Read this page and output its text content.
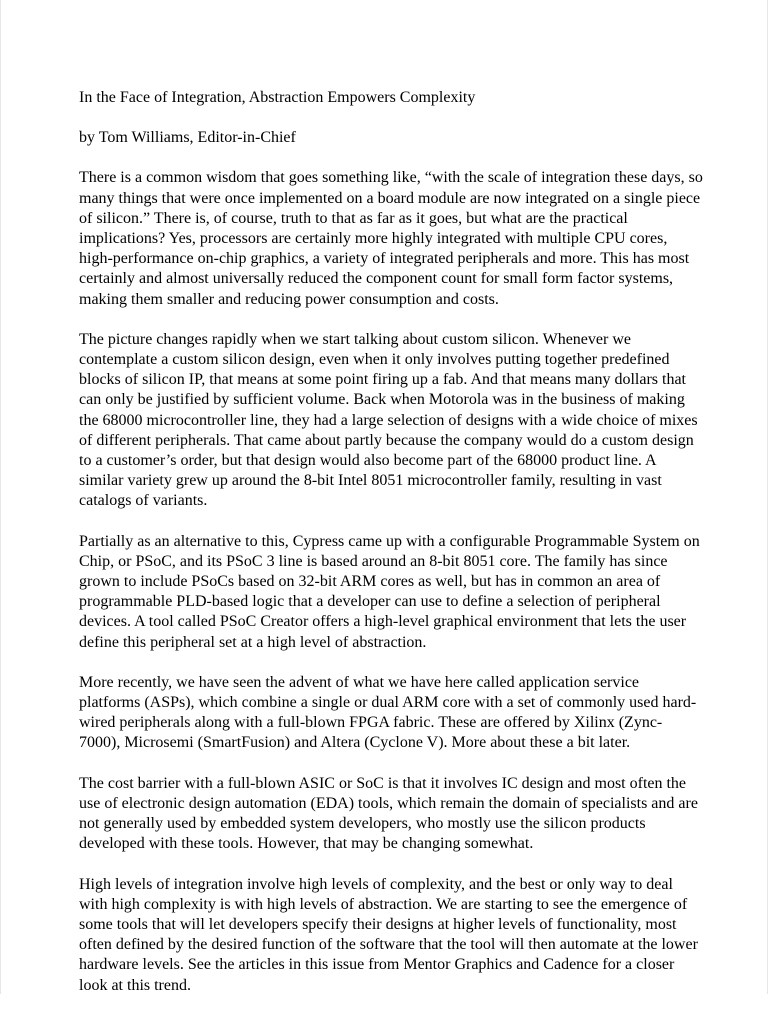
In the Face of Integration, Abstraction Empowers Complexity

by Tom Williams, Editor-in-Chief

There is a common wisdom that goes something like, “with the scale of integration these days, so many things that were once implemented on a board module are now integrated on a single piece of silicon.” There is, of course, truth to that as far as it goes, but what are the practical implications? Yes, processors are certainly more highly integrated with multiple CPU cores, high-performance on-chip graphics, a variety of integrated peripherals and more. This has most certainly and almost universally reduced the component count for small form factor systems, making them smaller and reducing power consumption and costs.

The picture changes rapidly when we start talking about custom silicon. Whenever we contemplate a custom silicon design, even when it only involves putting together predefined blocks of silicon IP, that means at some point firing up a fab. And that means many dollars that can only be justified by sufficient volume. Back when Motorola was in the business of making the 68000 microcontroller line, they had a large selection of designs with a wide choice of mixes of different peripherals. That came about partly because the company would do a custom design to a customer’s order, but that design would also become part of the 68000 product line. A similar variety grew up around the 8-bit Intel 8051 microcontroller family, resulting in vast catalogs of variants.

Partially as an alternative to this, Cypress came up with a configurable Programmable System on Chip, or PSoC, and its PSoC 3 line is based around an 8-bit 8051 core. The family has since grown to include PSoCs based on 32-bit ARM cores as well, but has in common an area of programmable PLD-based logic that a developer can use to define a selection of peripheral devices. A tool called PSoC Creator offers a high-level graphical environment that lets the user define this peripheral set at a high level of abstraction.

More recently, we have seen the advent of what we have here called application service platforms (ASPs), which combine a single or dual ARM core with a set of commonly used hard-wired peripherals along with a full-blown FPGA fabric. These are offered by Xilinx (Zync-7000), Microsemi (SmartFusion) and Altera (Cyclone V). More about these a bit later.

The cost barrier with a full-blown ASIC or SoC is that it involves IC design and most often the use of electronic design automation (EDA) tools, which remain the domain of specialists and are not generally used by embedded system developers, who mostly use the silicon products developed with these tools. However, that may be changing somewhat.

High levels of integration involve high levels of complexity, and the best or only way to deal with high complexity is with high levels of abstraction. We are starting to see the emergence of some tools that will let developers specify their designs at higher levels of functionality, most often defined by the desired function of the software that the tool will then automate at the lower hardware levels. See the articles in this issue from Mentor Graphics and Cadence for a closer look at this trend.
